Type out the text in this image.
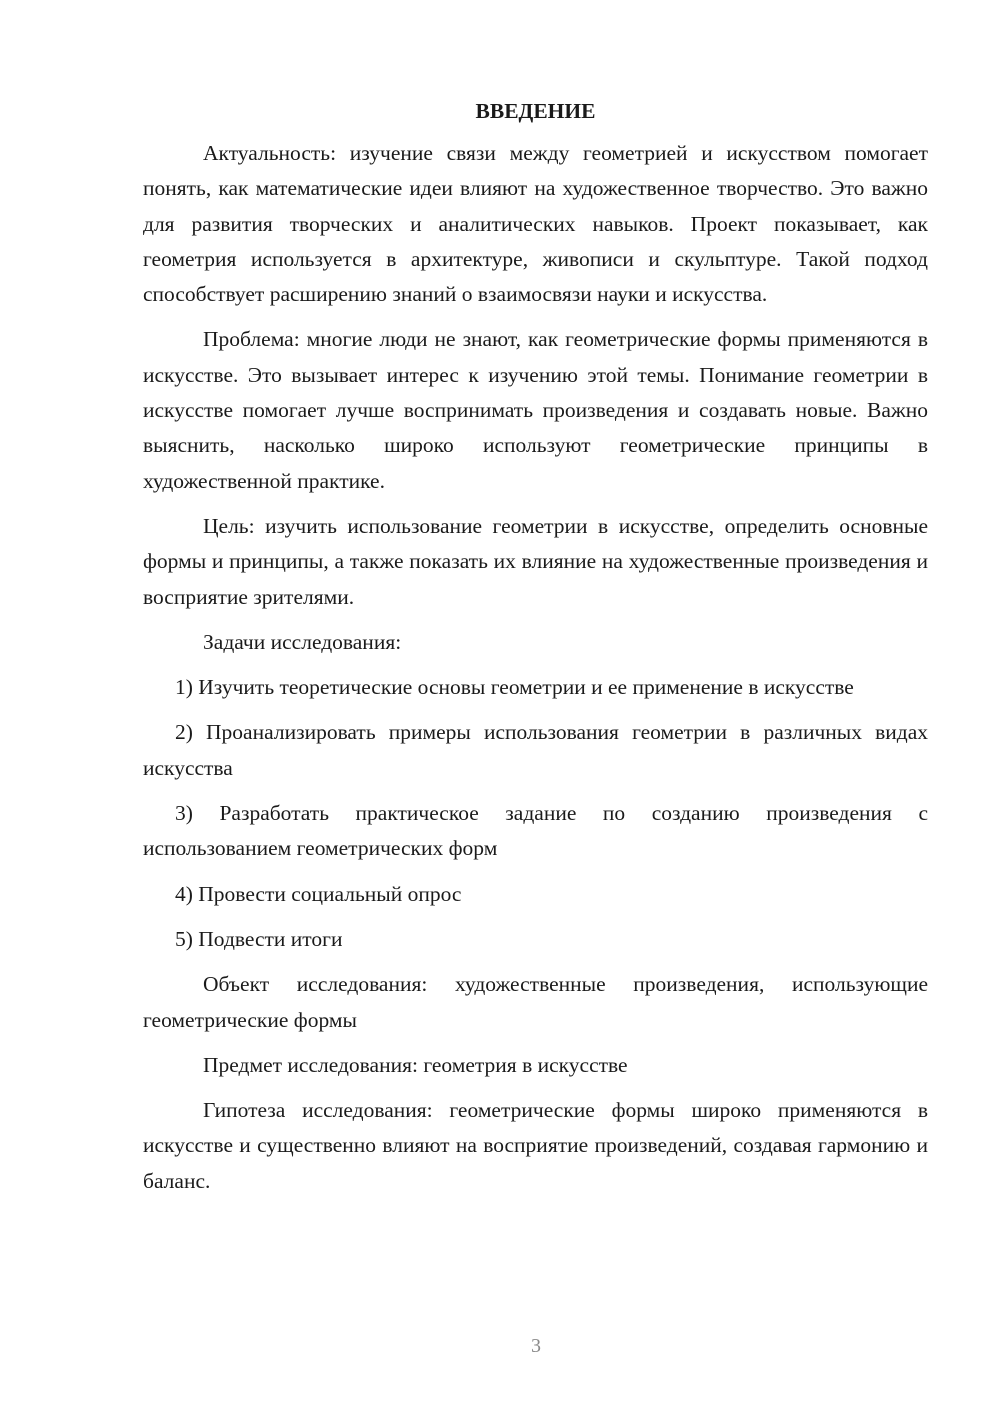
ВВЕДЕНИЕ

Актуальность: изучение связи между геометрией и искусством помогает понять, как математические идеи влияют на художественное творчество. Это важно для развития творческих и аналитических навыков. Проект показывает, как геометрия используется в архитектуре, живописи и скульптуре. Такой подход способствует расширению знаний о взаимосвязи науки и искусства.

Проблема: многие люди не знают, как геометрические формы применяются в искусстве. Это вызывает интерес к изучению этой темы. Понимание геометрии в искусстве помогает лучше воспринимать произведения и создавать новые. Важно выяснить, насколько широко используют геометрические принципы в художественной практике.

Цель: изучить использование геометрии в искусстве, определить основные формы и принципы, а также показать их влияние на художественные произведения и восприятие зрителями.

Задачи исследования:

1) Изучить теоретические основы геометрии и ее применение в искусстве

2) Проанализировать примеры использования геометрии в различных видах искусства

3) Разработать практическое задание по созданию произведения с использованием геометрических форм

4) Провести социальный опрос

5) Подвести итоги

Объект исследования: художественные произведения, использующие геометрические формы

Предмет исследования: геометрия в искусстве

Гипотеза исследования: геометрические формы широко применяются в искусстве и существенно влияют на восприятие произведений, создавая гармонию и баланс.

3
